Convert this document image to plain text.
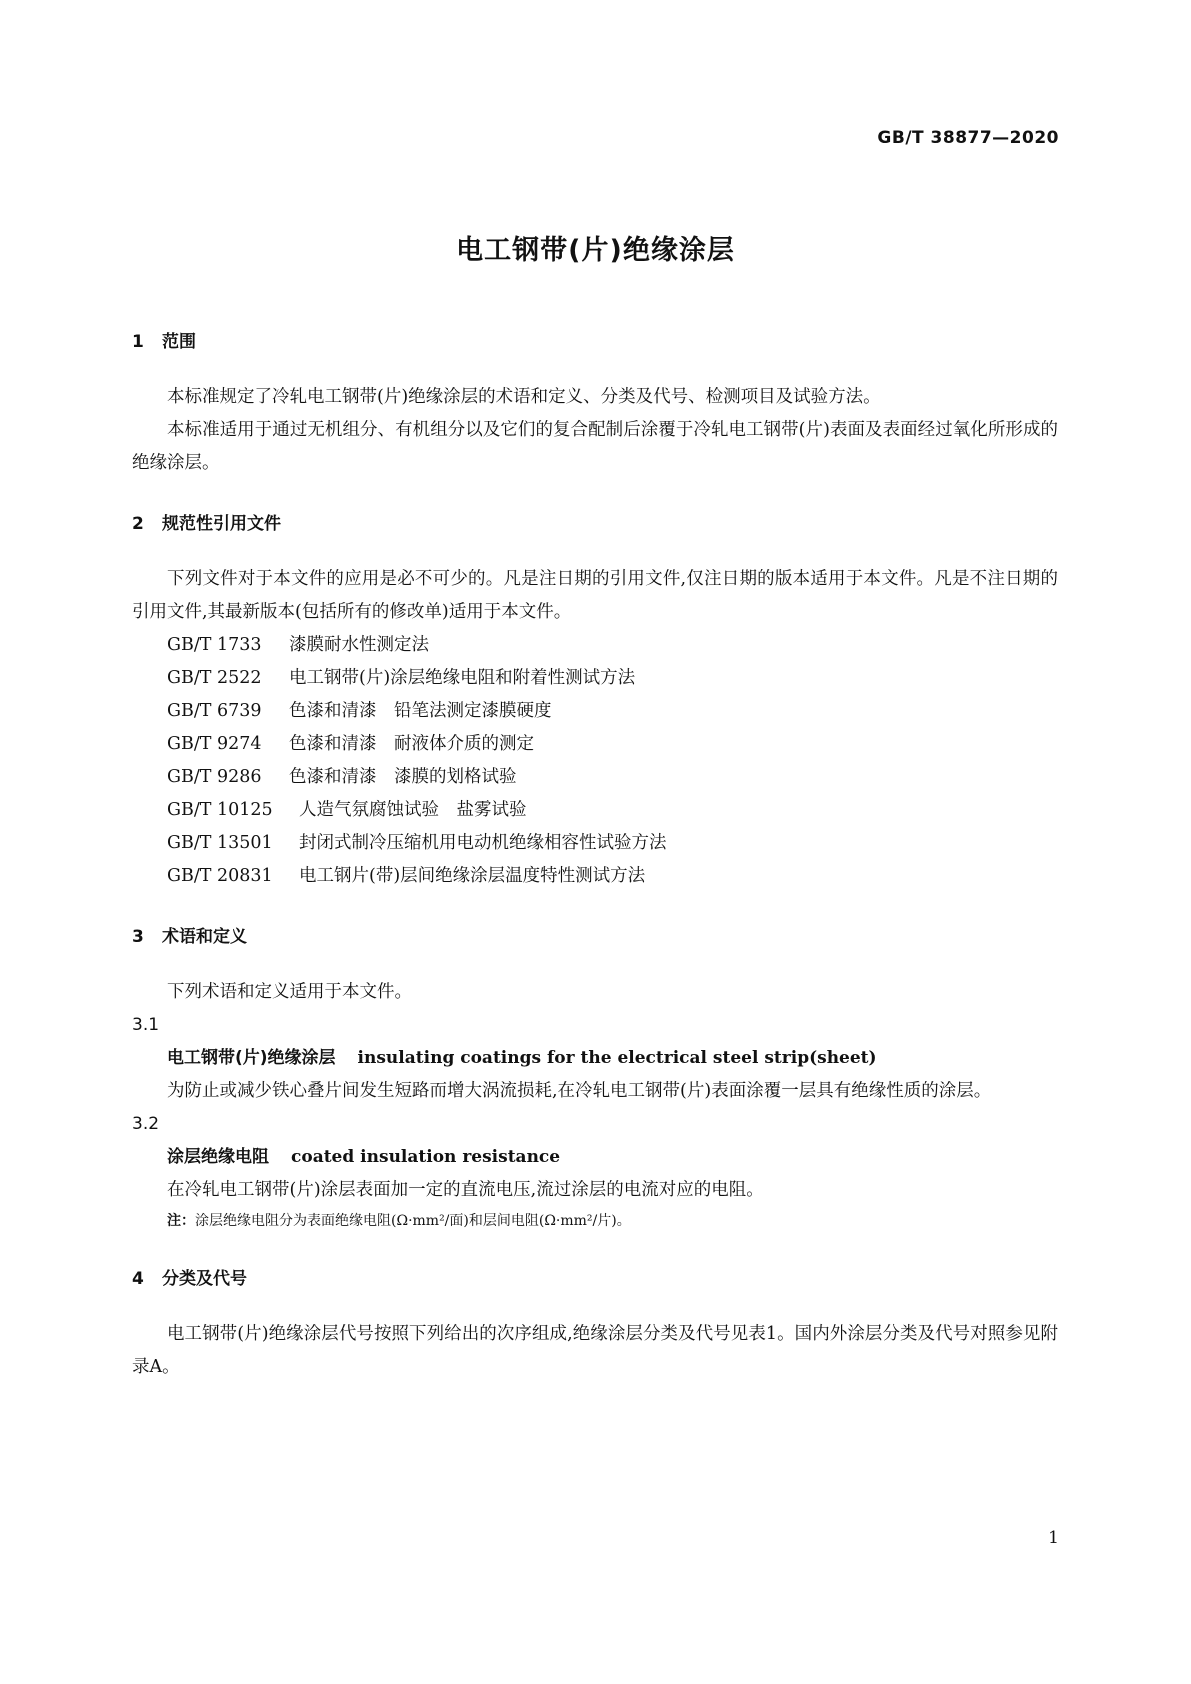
GB/T 38877—2020
电工钢带(片)绝缘涂层
1 范围

本标准规定了冷轧电工钢带(片)绝缘涂层的术语和定义、分类及代号、检测项目及试验方法。

本标准适用于通过无机组分、有机组分以及它们的复合配制后涂覆于冷轧电工钢带(片)表面及表面经过氧化所形成的绝缘涂层。

2 规范性引用文件

下列文件对于本文件的应用是必不可少的。凡是注日期的引用文件,仅注日期的版本适用于本文件。凡是不注日期的引用文件,其最新版本(包括所有的修改单)适用于本文件。

GB/T 1733 漆膜耐水性测定法
GB/T 2522 电工钢带(片)涂层绝缘电阻和附着性测试方法
GB/T 6739 色漆和清漆　铅笔法测定漆膜硬度
GB/T 9274 色漆和清漆　耐液体介质的测定
GB/T 9286 色漆和清漆　漆膜的划格试验
GB/T 10125 人造气氛腐蚀试验　盐雾试验
GB/T 13501 封闭式制冷压缩机用电动机绝缘相容性试验方法
GB/T 20831 电工钢片(带)层间绝缘涂层温度特性测试方法
3 术语和定义

下列术语和定义适用于本文件。

3.1

电工钢带(片)绝缘涂层 insulating coatings for the electrical steel strip(sheet)

为防止或减少铁心叠片间发生短路而增大涡流损耗,在冷轧电工钢带(片)表面涂覆一层具有绝缘性质的涂层。

3.2

涂层绝缘电阻 coated insulation resistance

在冷轧电工钢带(片)涂层表面加一定的直流电压,流过涂层的电流对应的电阻。

注：涂层绝缘电阻分为表面绝缘电阻(Ω·mm²/面)和层间电阻(Ω·mm²/片)。

4 分类及代号

电工钢带(片)绝缘涂层代号按照下列给出的次序组成,绝缘涂层分类及代号见表1。国内外涂层分类及代号对照参见附录A。

1
